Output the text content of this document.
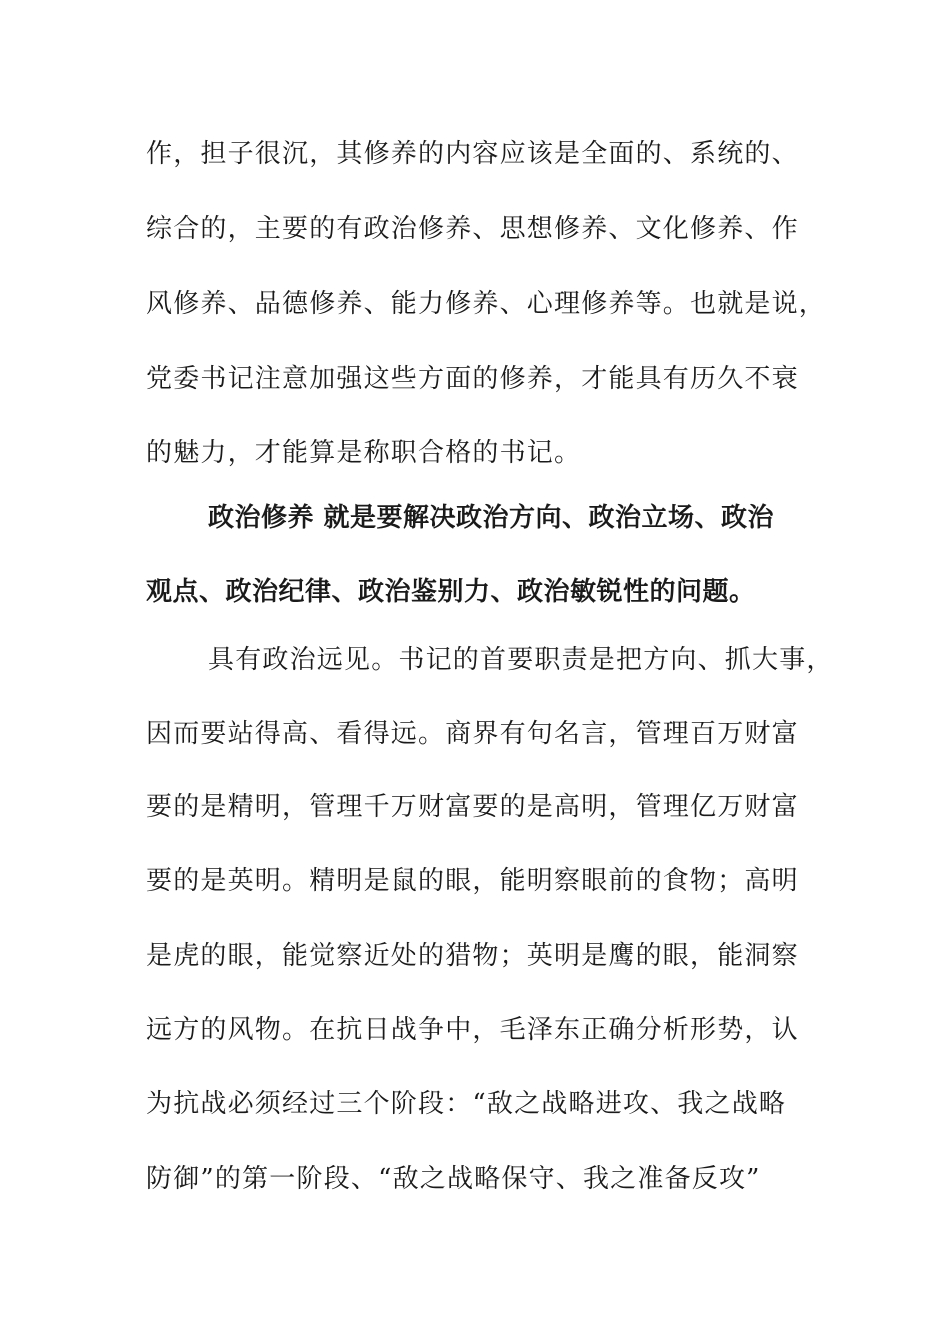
作，担子很沉，其修养的内容应该是全面的、系统的、
综合的，主要的有政治修养、思想修养、文化修养、作
风修养、品德修养、能力修养、心理修养等。也就是说，
党委书记注意加强这些方面的修养，才能具有历久不衰
的魅力，才能算是称职合格的书记。
政治修养 就是要解决政治方向、政治立场、政治
观点、政治纪律、政治鉴别力、政治敏锐性的问题。
具有政治远见。书记的首要职责是把方向、抓大事，
因而要站得高、看得远。商界有句名言，管理百万财富
要的是精明，管理千万财富要的是高明，管理亿万财富
要的是英明。精明是鼠的眼，能明察眼前的食物；高明
是虎的眼，能觉察近处的猎物；英明是鹰的眼，能洞察
远方的风物。在抗日战争中，毛泽东正确分析形势，认
为抗战必须经过三个阶段：“敌之战略进攻、我之战略
防御”的第一阶段、“敌之战略保守、我之准备反攻”
